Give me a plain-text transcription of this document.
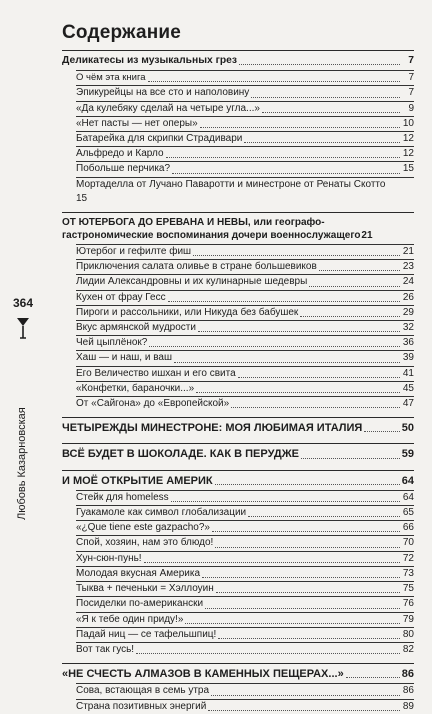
364
Любовь Казарновская
Содержание
Деликатесы из музыкальных грез	7
О чём эта книга	7
Эпикурейцы на все сто и наполовину	7
«Да кулебяку сделай на четыре угла...»	9
«Нет пасты — нет оперы»	10
Батарейка для скрипки Страдивари	12
Альфредо и Карло	12
Побольше перчика?	15
Мортаделла от Лучано Паваротти и минестроне от Ренаты Скотто
15
ОТ ЮТЕРБОГА ДО ЕРЕВАНА И НЕВЫ, или географо-
гастрономические воспоминания дочери военнослужащего 21
Ютербог и гефилте фиш	21
Приключения салата оливье в стране большевиков	23
Лидии Александровны и их кулинарные шедевры	24
Кухен от фрау Гесс	26
Пироги и рассольники, или Никуда без бабушек	29
Вкус армянской мудрости	32
Чей цыплёнок?	36
Хаш — и наш, и ваш	39
Его Величество ишхан и его свита	41
«Конфетки, бараночки...»	45
От «Сайгона» до «Европейской»	47
ЧЕТЫРЕЖДЫ МИНЕСТРОНЕ: МОЯ ЛЮБИМАЯ ИТАЛИЯ	50
ВСЁ БУДЕТ В ШОКОЛАДЕ. КАК В ПЕРУДЖЕ	59
И МОЁ ОТКРЫТИЕ АМЕРИК	64
Стейк для homeless	64
Гуакамоле как символ глобализации	65
«¿Que tiene este gazpacho?»	66
Спой, хозяин, нам это блюдо!	70
Хун-сюн-пунь!	72
Молодая вкусная Америка	73
Тыква + печеньки = Хэллоуин	75
Посиделки по-американски	76
«Я к тебе один приду!»	79
Падай ниц — се тафельшпиц!	80
Вот так гусь!	82
«НЕ СЧЕСТЬ АЛМАЗОВ В КАМЕННЫХ ПЕЩЕРАХ...»	86
Сова, встающая в семь утра	86
Страна позитивных энергий	89
